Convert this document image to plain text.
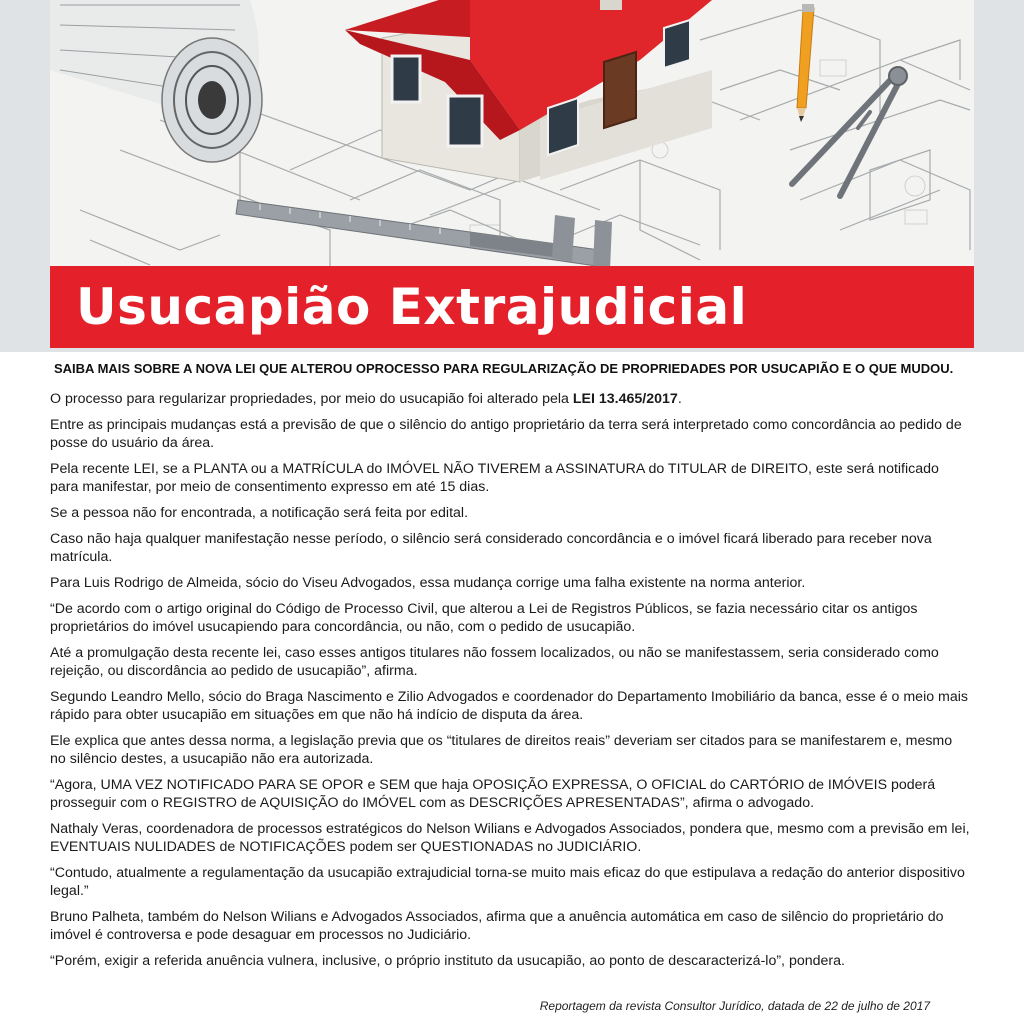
Usucapião Extrajudicial

SAIBA MAIS SOBRE A NOVA LEI QUE ALTEROU OPROCESSO PARA REGULARIZAÇÃO DE PROPRIEDADES POR USUCAPIÃO E O QUE MUDOU.

O processo para regularizar propriedades, por meio do usucapião foi alterado pela LEI 13.465/2017.

Entre as principais mudanças está a previsão de que o silêncio do antigo proprietário da terra será interpretado como concordância ao pedido de posse do usuário da área.

Pela recente LEI, se a PLANTA ou a MATRÍCULA do IMÓVEL NÃO TIVEREM a ASSINATURA do TITULAR de DIREITO, este será notificado para manifestar, por meio de consentimento expresso em até 15 dias.

Se a pessoa não for encontrada, a notificação será feita por edital.

Caso não haja qualquer manifestação nesse período, o silêncio será considerado concordância e o imóvel ficará liberado para receber nova matrícula.

Para Luis Rodrigo de Almeida, sócio do Viseu Advogados, essa mudança corrige uma falha existente na norma anterior.

“De acordo com o artigo original do Código de Processo Civil, que alterou a Lei de Registros Públicos, se fazia necessário citar os antigos proprietários do imóvel usucapiendo para concordância, ou não, com o pedido de usucapião.

Até a promulgação desta recente lei, caso esses antigos titulares não fossem localizados, ou não se manifestassem, seria considerado como rejeição, ou discordância ao pedido de usucapião”, afirma.

Segundo Leandro Mello, sócio do Braga Nascimento e Zilio Advogados e coordenador do Departamento Imobiliário da banca, esse é o meio mais rápido para obter usucapião em situações em que não há indício de disputa da área.

Ele explica que antes dessa norma, a legislação previa que os “titulares de direitos reais” deveriam ser citados para se manifestarem e, mesmo no silêncio destes, a usucapião não era autorizada.

“Agora, UMA VEZ NOTIFICADO PARA SE OPOR e SEM que haja OPOSIÇÃO EXPRESSA, O OFICIAL do CARTÓRIO de IMÓVEIS poderá prosseguir com o REGISTRO de AQUISIÇÃO do IMÓVEL com as DESCRIÇÕES APRESENTADAS”, afirma o advogado.

Nathaly Veras, coordenadora de processos estratégicos do Nelson Wilians e Advogados Associados, pondera que, mesmo com a previsão em lei, EVENTUAIS NULIDADES de NOTIFICAÇÕES podem ser QUESTIONADAS no JUDICIÁRIO.

“Contudo, atualmente a regulamentação da usucapião extrajudicial torna-se muito mais eficaz do que estipulava a redação do anterior dispositivo legal.”

Bruno Palheta, também do Nelson Wilians e Advogados Associados, afirma que a anuência automática em caso de silêncio do proprietário do imóvel é controversa e pode desaguar em processos no Judiciário.

“Porém, exigir a referida anuência vulnera, inclusive, o próprio instituto da usucapião, ao ponto de descaracterizá-lo”, pondera.

Reportagem da revista Consultor Jurídico, datada de 22 de julho de 2017
